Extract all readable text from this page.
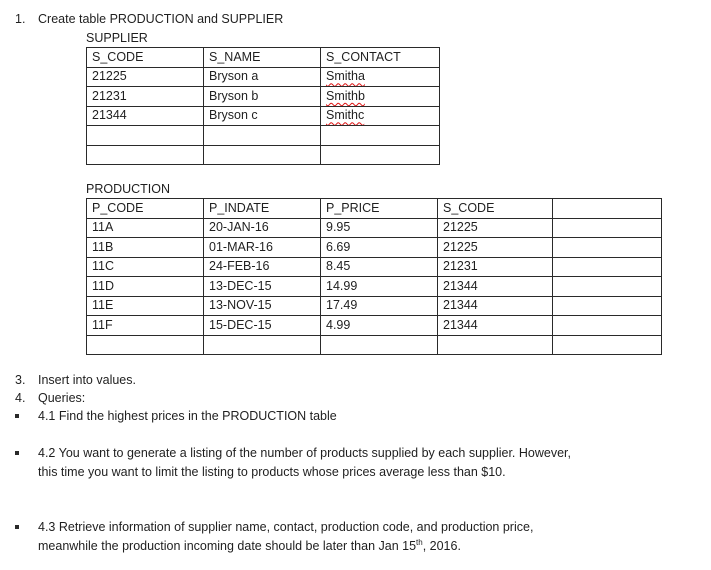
1. Create table PRODUCTION and SUPPLIER
SUPPLIER
S_CODE	S_NAME	S_CONTACT
21225	Bryson a	Smitha
21231	Bryson b	Smithb
21344	Bryson c	Smithc

PRODUCTION
P_CODE	P_INDATE	P_PRICE	S_CODE	
11A	20-JAN-16	9.95	21225	
11B	01-MAR-16	6.69	21225	
11C	24-FEB-16	8.45	21231	
11D	13-DEC-15	14.99	21344	
11E	13-NOV-15	17.49	21344	
11F	15-DEC-15	4.99	21344	

3. Insert into values.
4. Queries:
4.1 Find the highest prices in the PRODUCTION table
4.2 You want to generate a listing of the number of products supplied by each supplier. However,
this time you want to limit the listing to products whose prices average less than $10.
4.3 Retrieve information of supplier name, contact, production code, and production price,
meanwhile the production incoming date should be later than Jan 15th, 2016.
